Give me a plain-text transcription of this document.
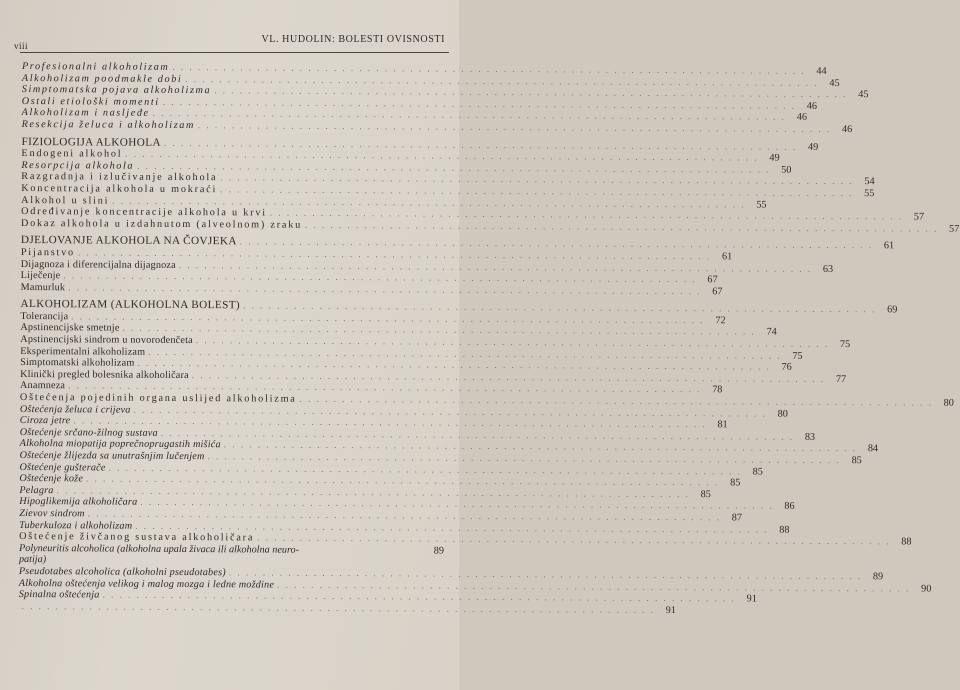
viii
VL. HUDOLIN: BOLESTI OVISNOSTI
Profesionalni alkoholizam . . .	44
Alkoholizam poodmakle dobi . . .	45
Simptomatska pojava alkoholizma . . .	45
Ostali etiološki momenti . . .	46
Alkoholizam i nasljeđe . . .	46
Resekcija želuca i alkoholizam . . .	46
FIZIOLOGIJA ALKOHOLA . . .	49
Endogeni alkohol . . .	49
Resorpcija alkohola . . .	50
Razgradnja i izlučivanje alkohola . . .	54
Koncentracija alkohola u mokraći . . .	55
Alkohol u slini . . .	55
Određivanje koncentracije alkohola u krvi . . .	57
Dokaz alkohola u izdahnutom (alveolnom) zraku . . .	57
DJELOVANJE ALKOHOLA NA ČOVJEKA . . .	61
Pijanstvo . . .	61
Dijagnoza i diferencijalna dijagnoza . . .	63
Liječenje . . .	67
Mamurluk . . .	67
ALKOHOLIZAM (ALKOHOLNA BOLEST) . . .	69
Tolerancija . . .	72
Apstinencijske smetnje . . .	74
Apstinencijski sindrom u novorođenčeta . . .	75
Eksperimentalni alkoholizam . . .	75
Simptomatski alkoholizam . . .	76
Klinički pregled bolesnika alkoholičara . . .	77
Anamneza . . .	78
Oštećenja pojedinih organa uslijed alkoholizma . . .	80
Oštećenja želuca i crijeva . . .	80
Ciroza jetre . . .	81
Oštećenje srčano-žilnog sustava . . .	83
Alkoholna miopatija poprečnoprugastih mišića . . .	84
Oštećenje žlijezda sa unutrašnjim lučenjem . . .	85
Oštećenje gušterače . . .	85
Oštećenje kože . . .	85
Pelagra . . .	85
Hipoglikemija alkoholičara . . .	86
Zievov sindrom . . .	87
Tuberkuloza i alkoholizam . . .	88
Oštećenje živčanog sustava alkoholičara . . .	88
Polyneuritis alcoholica (alkoholna upala živaca ili alkoholna neuro-	89
patija)
Pseudotabes alcoholica (alkoholni pseudotabes) . . .	89
Alkoholna oštećenja velikog i malog mozga i ledne moždine . . .	90
Spinalna oštećenja . . .	91
. . .
91
